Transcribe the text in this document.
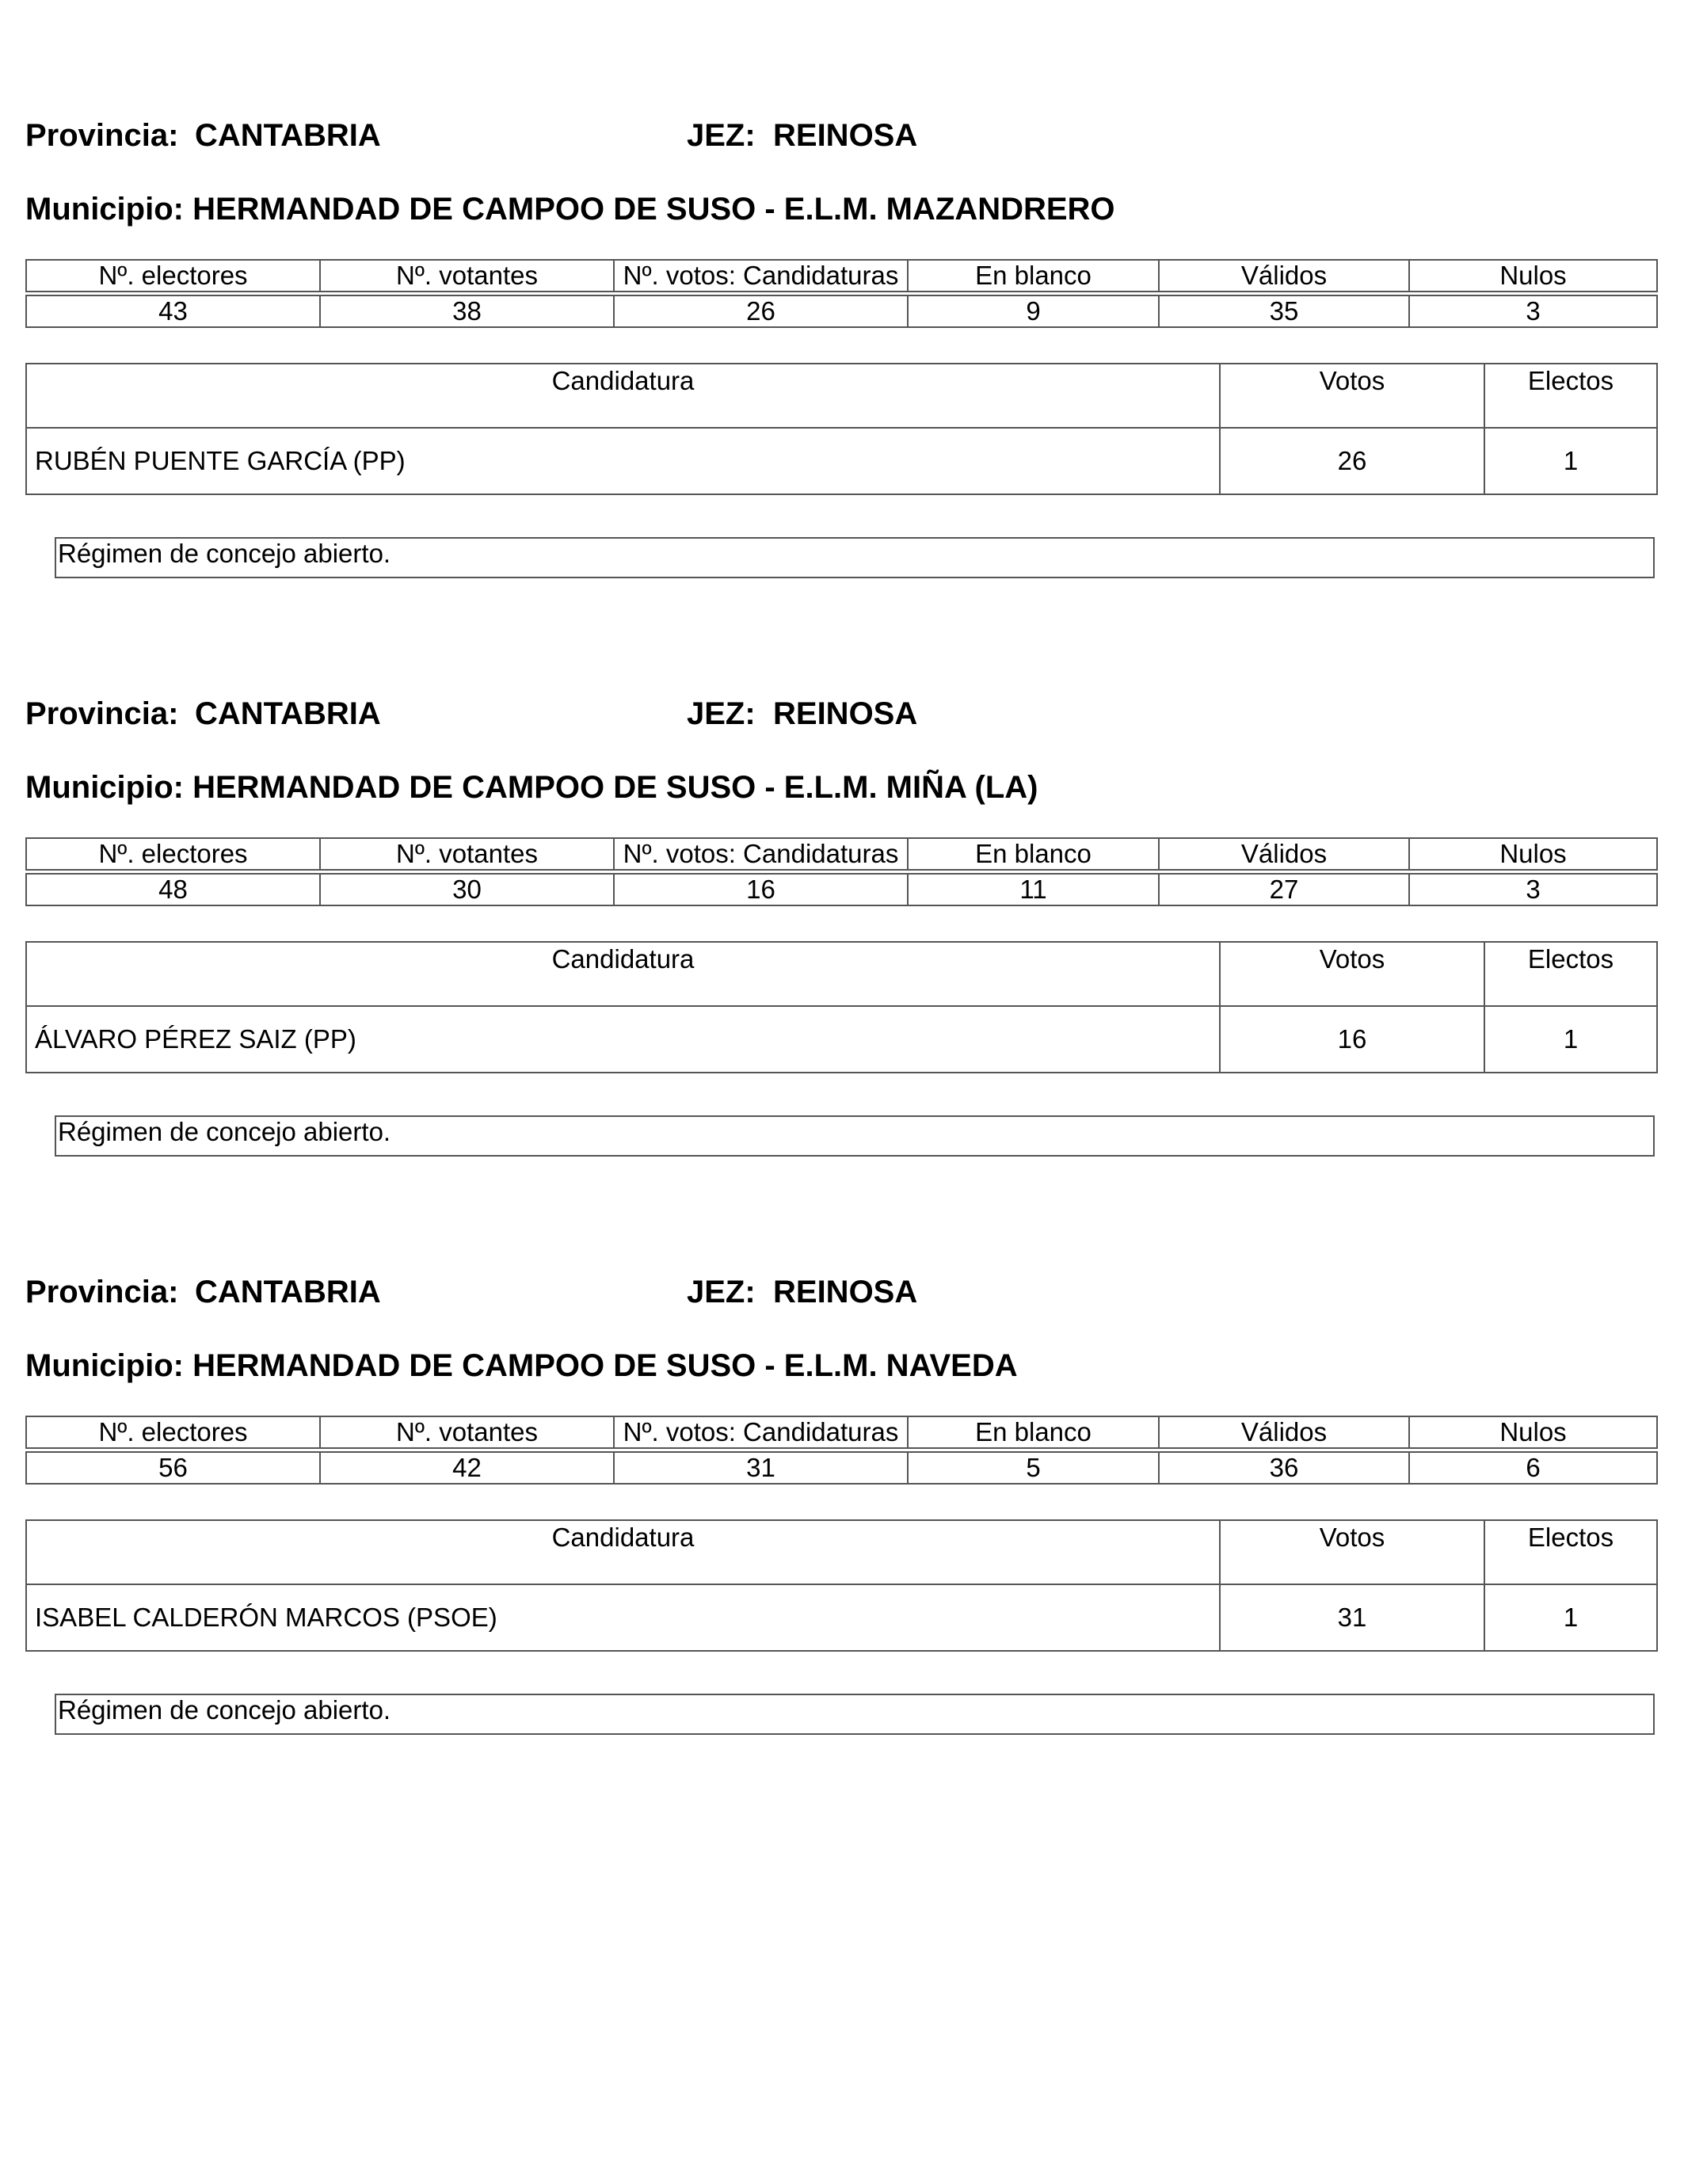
Provincia: CANTABRIA	JEZ: REINOSA
Municipio: HERMANDAD DE CAMPOO DE SUSO - E.L.M. MAZANDRERO
Nº. electores	Nº. votantes	Nº. votos: Candidaturas	En blanco	Válidos	Nulos

43	38	26	9	35	3
Candidatura	Votos	Electos
RUBÉN PUENTE GARCÍA (PP)	26	1
Régimen de concejo abierto.
Provincia: CANTABRIA	JEZ: REINOSA
Municipio: HERMANDAD DE CAMPOO DE SUSO - E.L.M. MIÑA (LA)
Nº. electores	Nº. votantes	Nº. votos: Candidaturas	En blanco	Válidos	Nulos

48	30	16	11	27	3
Candidatura	Votos	Electos
ÁLVARO PÉREZ SAIZ (PP)	16	1
Régimen de concejo abierto.
Provincia: CANTABRIA	JEZ: REINOSA
Municipio: HERMANDAD DE CAMPOO DE SUSO - E.L.M. NAVEDA
Nº. electores	Nº. votantes	Nº. votos: Candidaturas	En blanco	Válidos	Nulos

56	42	31	5	36	6
Candidatura	Votos	Electos
ISABEL CALDERÓN MARCOS (PSOE)	31	1
Régimen de concejo abierto.
